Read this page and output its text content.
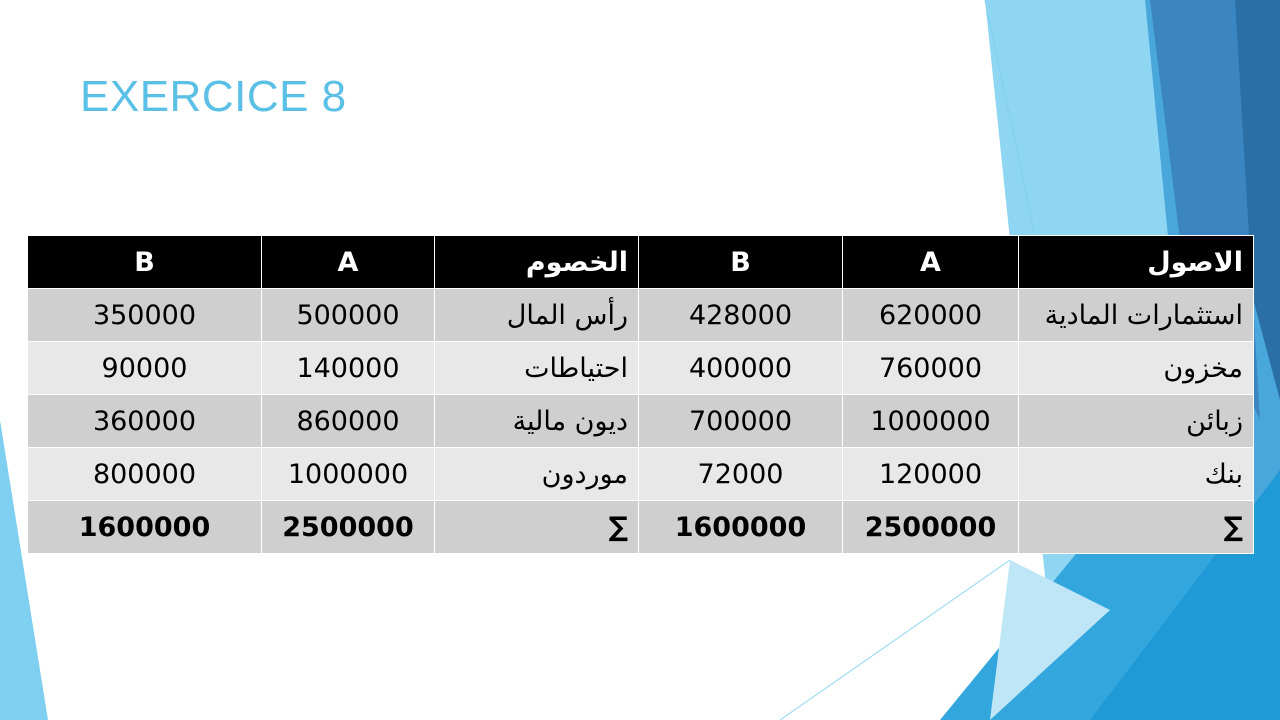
EXERCICE 8
B	A	الخصوم	B	A	الاصول
350000	500000	رأس المال	428000	620000	استثمارات المادية
90000	140000	احتياطات	400000	760000	مخزون
360000	860000	ديون مالية	700000	1000000	زبائن
800000	1000000	موردون	72000	120000	بنك
1600000	2500000	∑	1600000	2500000	∑
